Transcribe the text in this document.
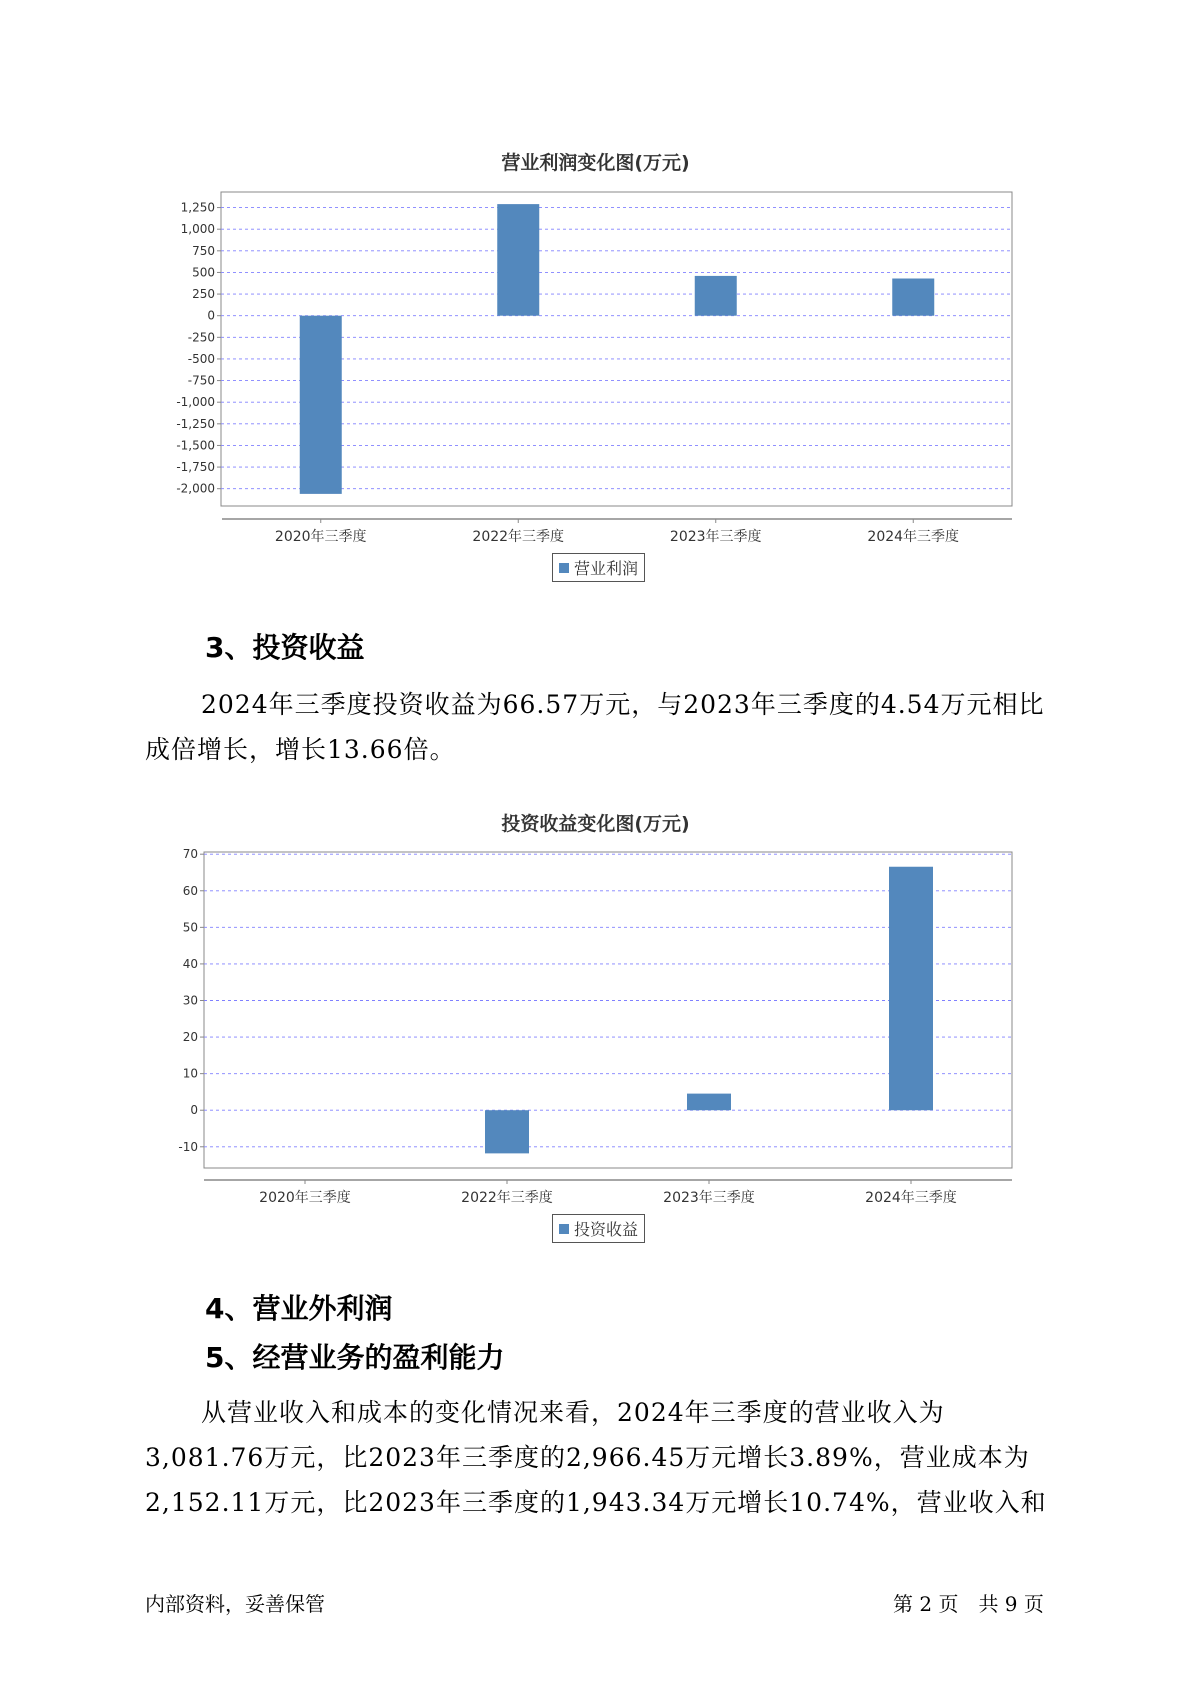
营业利润变化图(万元)
1,250
1,000
750
500
250
0
-250
-500
-750
-1,000
-1,250
-1,500
-1,750
-2,000
2020年三季度	2022年三季度	2023年三季度	2024年三季度
营业利润
3、投资收益
2024年三季度投资收益为66.57万元，与2023年三季度的4.54万元相比
成倍增长，增长13.66倍。
投资收益变化图(万元)
70
60
50
40
30
20
10
0
-10
2020年三季度	2022年三季度	2023年三季度	2024年三季度
投资收益
4、营业外利润
5、经营业务的盈利能力
从营业收入和成本的变化情况来看，2024年三季度的营业收入为
3,081.76万元，比2023年三季度的2,966.45万元增长3.89%，营业成本为
2,152.11万元，比2023年三季度的1,943.34万元增长10.74%，营业收入和
内部资料，妥善保管	第 2 页　共 9 页
